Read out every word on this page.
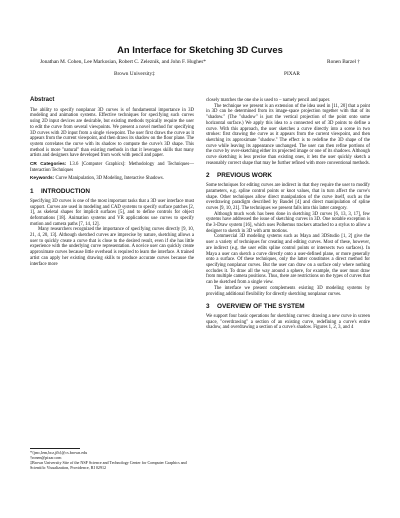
An Interface for Sketching 3D Curves
Jonathan M. Cohen, Lee Markosian, Robert C. Zeleznik, and John F. Hughes*	Ronen Barzel †
Brown University‡	PIXAR
Abstract

The ability to specify nonplanar 3D curves is of fundamental importance in 3D modeling and animation systems. Effective techniques for specifying such curves using 2D input devices are desirable, but existing methods typically require the user to edit the curve from several viewpoints. We present a novel method for specifying 3D curves with 2D input from a single viewpoint. The user first draws the curve as it appears from the current viewpoint, and then draws its shadow on the floor plane. The system correlates the curve with its shadow to compute the curve's 3D shape. This method is more "natural" than existing methods in that it leverages skills that many artists and designers have developed from work with pencil and paper.

CR Categories: I.3.6 [Computer Graphics]: Methodology and Techniques—Interaction Techniques

Keywords: Curve Manipulation, 3D Modeling, Interactive Shadows.

1 INTRODUCTION

Specifying 3D curves is one of the most important tasks that a 3D user interface must support. Curves are used in modeling and CAD systems to specify surface patches [2, 1], as skeletal shapes for implicit surfaces [5], and to define controls for object deformations [18]. Animation systems and VR applications use curves to specify motion and camera paths [7, 14, 12].

Many researchers recognized the importance of specifying curves directly [9, 10, 21, 4, 20, 13]. Although sketched curves are imprecise by nature, sketching allows a user to quickly create a curve that is close to the desired result, even if she has little experience with the underlying curve representation. A novice user can quickly create approximate curves because little overhead is required to learn the interface. A trained artist can apply her existing drawing skills to produce accurate curves because the interface more

*{jmc,lem,bcz,jfh}@cs.brown.edu

†ronen@pixar.com

‡Brown University Site of the NSF Science and Technology Center for Computer Graphics and Scientific Visualization, Providence, RI 02912

closely matches the one she is used to – namely pencil and paper.

The technique we present is an extension of the idea used in [11, 20] that a point in 3D can be determined from its image-space projection together with that of its "shadow." (The "shadow" is just the vertical projection of the point onto some horizontal surface.) We apply this idea to a connected set of 3D points to define a curve. With this approach, the user sketches a curve directly into a scene in two strokes: first drawing the curve as it appears from the current viewpoint, and then sketching its approximate "shadow." The effect is to redefine the 3D shape of the curve while leaving its appearance unchanged. The user can then refine portions of the curve by over-sketching either its projected image or one of its shadows. Although curve sketching is less precise than existing ones, it lets the user quickly sketch a reasonably correct shape that may be further refined with more conventional methods.

2 PREVIOUS WORK

Some techniques for editing curves are indirect in that they require the user to modify parameters, e.g. spline control points or knot values, that in turn affect the curve's shape. Other techniques allow direct manipulation of the curve itself, such as the overdrawing paradigm described by Baudel [4] and direct manipulation of spline curves [9, 10, 21]. The techniques we present falls into this latter category.

Although much work has been done in sketching 3D curves [6, 13, 3, 17], few systems have addressed the issue of sketching curves in 3D. One notable exception is the 3-Draw system [16], which uses Polhemus trackers attached to a stylus to allow a designer to sketch in 3D with arm motions.

Commercial 3D modeling systems such as Maya and 3DStudio [1, 2] give the user a variety of techniques for creating and editing curves. Most of these, however, are indirect (e.g. the user edits spline control points or intersects two surfaces). In Maya a user can sketch a curve directly onto a user-defined plane, or more generally onto a surface. Of these techniques, only the latter constitutes a direct method for specifying nonplanar curves. But the user can draw on a surface only where nothing occludes it. To draw all the way around a sphere, for example, the user must draw from multiple camera positions. Thus, there are restrictions on the types of curves that can be sketched from a single view.

The interface we present complements existing 3D modeling systems by providing additional flexibility for directly sketching nonplanar curves.

3 OVERVIEW OF THE SYSTEM

We support four basic operations for sketching curves: drawing a new curve in screen space, "overdrawing" a section of an existing curve, redefining a curve's entire shadow, and overdrawing a section of a curve's shadow. Figures 1, 2, 3, and 4
